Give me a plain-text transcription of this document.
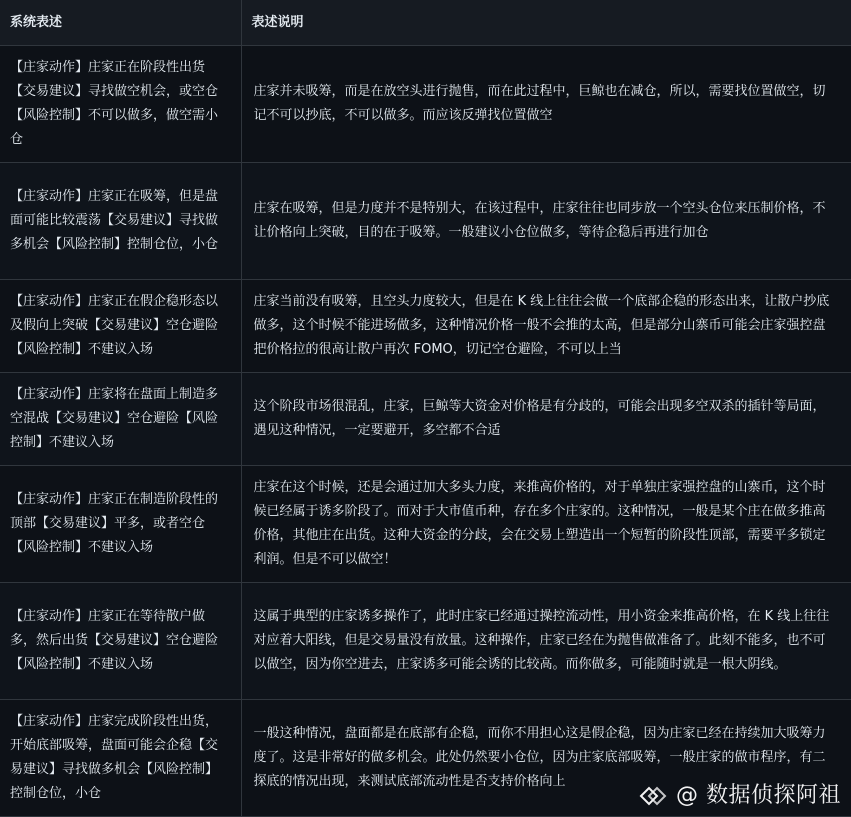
系统表述	表述说明

【庄家动作】庄家正在阶段性出货【交易建议】寻找做空机会，或空仓【风险控制】不可以做多，做空需小仓	庄家并未吸筹，而是在放空头进行抛售，而在此过程中，巨鲸也在减仓，所以，需要找位置做空，切记不可以抄底，不可以做多。而应该反弹找位置做空

【庄家动作】庄家正在吸筹，但是盘面可能比较震荡【交易建议】寻找做多机会【风险控制】控制仓位，小仓	庄家在吸筹，但是力度并不是特别大，在该过程中，庄家往往也同步放一个空头仓位来压制价格，不让价格向上突破，目的在于吸筹。一般建议小仓位做多，等待企稳后再进行加仓

【庄家动作】庄家正在假企稳形态以及假向上突破【交易建议】空仓避险【风险控制】不建议入场	庄家当前没有吸筹，且空头力度较大，但是在 K 线上往往会做一个底部企稳的形态出来，让散户抄底做多，这个时候不能进场做多，这种情况价格一般不会推的太高，但是部分山寨币可能会庄家强控盘把价格拉的很高让散户再次 FOMO，切记空仓避险，不可以上当

【庄家动作】庄家将在盘面上制造多空混战【交易建议】空仓避险【风险控制】不建议入场	这个阶段市场很混乱，庄家，巨鲸等大资金对价格是有分歧的，可能会出现多空双杀的插针等局面，遇见这种情况，一定要避开，多空都不合适

【庄家动作】庄家正在制造阶段性的顶部【交易建议】平多，或者空仓【风险控制】不建议入场	庄家在这个时候，还是会通过加大多头力度，来推高价格的，对于单独庄家强控盘的山寨币，这个时候已经属于诱多阶段了。而对于大市值币种，存在多个庄家的。这种情况，一般是某个庄在做多推高价格，其他庄在出货。这种大资金的分歧，会在交易上塑造出一个短暂的阶段性顶部，需要平多锁定利润。但是不可以做空！

【庄家动作】庄家正在等待散户做多，然后出货【交易建议】空仓避险【风险控制】不建议入场	这属于典型的庄家诱多操作了，此时庄家已经通过操控流动性，用小资金来推高价格，在 K 线上往往对应着大阳线，但是交易量没有放量。这种操作，庄家已经在为抛售做准备了。此刻不能多，也不可以做空，因为你空进去，庄家诱多可能会诱的比较高。而你做多，可能随时就是一根大阴线。

【庄家动作】庄家完成阶段性出货，开始底部吸筹，盘面可能会企稳【交易建议】寻找做多机会【风险控制】控制仓位，小仓	一般这种情况，盘面都是在底部有企稳，而你不用担心这是假企稳，因为庄家已经在持续加大吸筹力度了。这是非常好的做多机会。此处仍然要小仓位，因为庄家底部吸筹，一般庄家的做市程序，有二探底的情况出现，来测试底部流动性是否支持价格向上
@ 数据侦探阿祖
